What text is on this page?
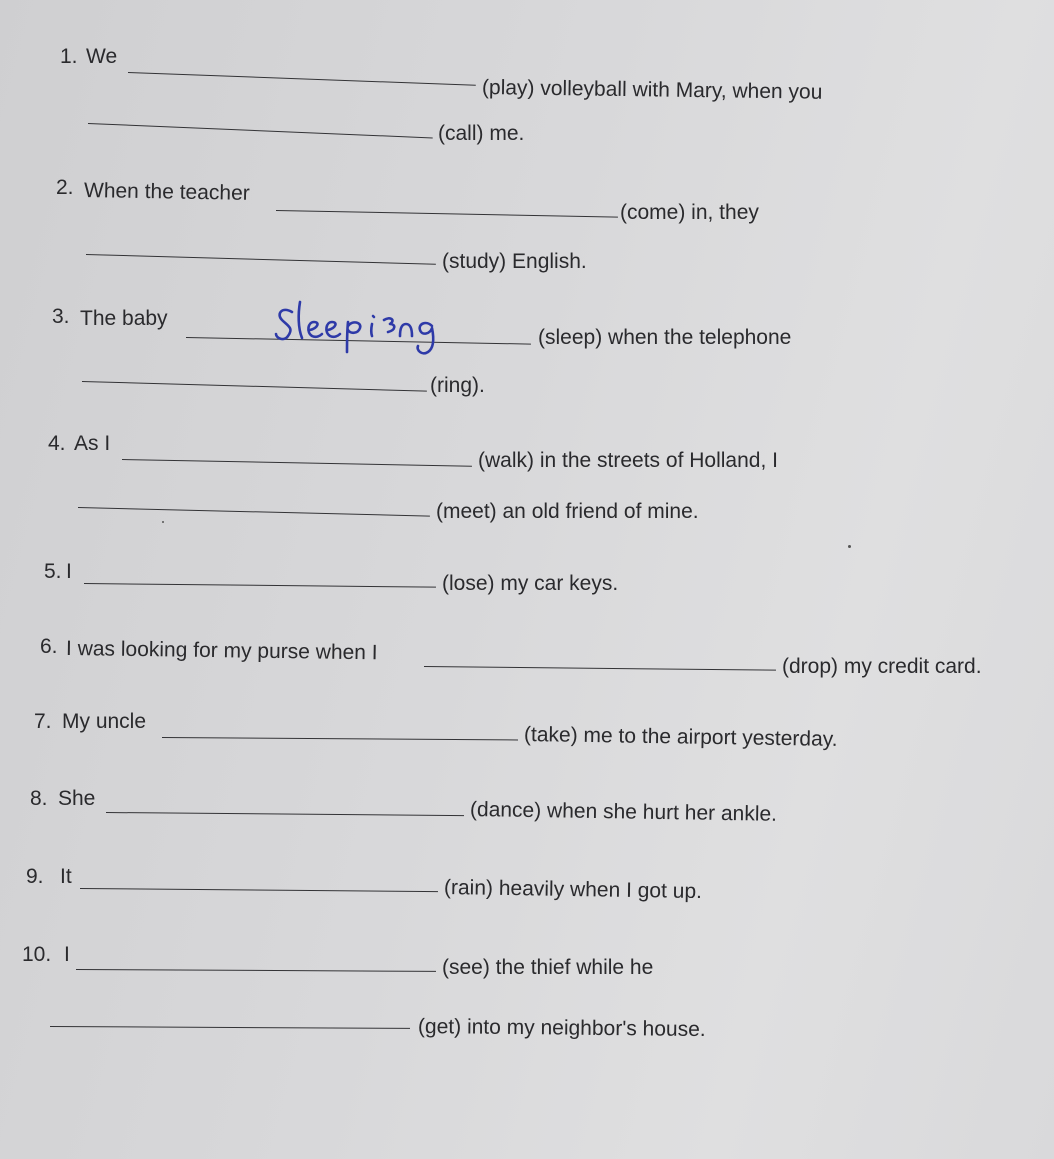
1. We
(play) volleyball with Mary, when you
(call) me.
2. When the teacher
(come) in, they
(study) English.
3. The baby
(sleep) when the telephone
(ring).
4. As I
(walk) in the streets of Holland, I
(meet) an old friend of mine.
5. I
(lose) my car keys.
6. I was looking for my purse when I
(drop) my credit card.
7. My uncle
(take) me to the airport yesterday.
8. She	(dance) when she hurt her ankle.
9. It	(rain) heavily when I got up.
10. I
(see) the thief while he
(get) into my neighbor's house.
